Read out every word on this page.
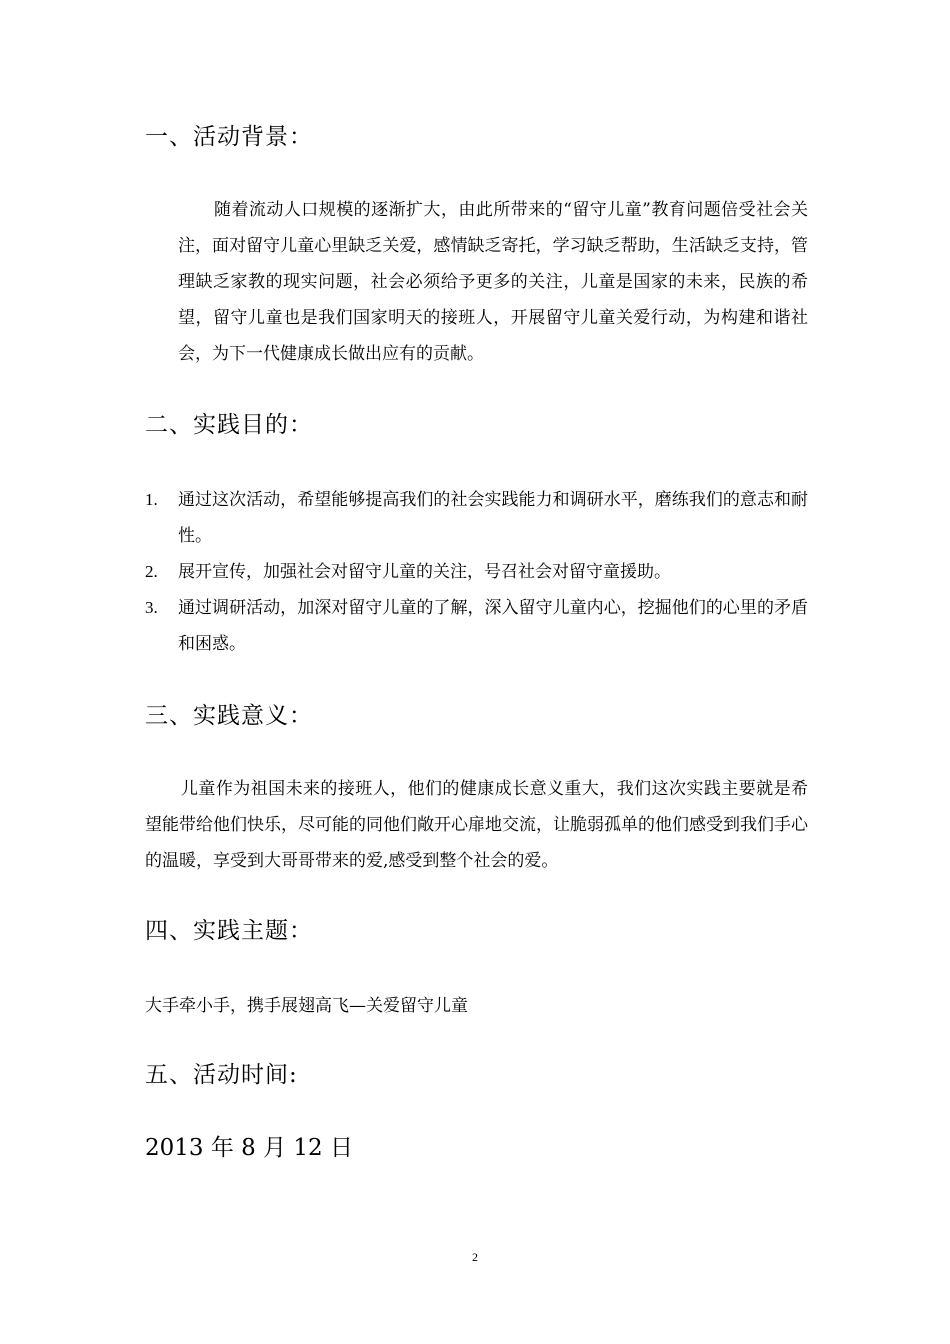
一、活动背景：

随着流动人口规模的逐渐扩大，由此所带来的“留守儿童”教育问题倍受社会关注，面对留守儿童心里缺乏关爱，感情缺乏寄托，学习缺乏帮助，生活缺乏支持，管理缺乏家教的现实问题，社会必须给予更多的关注，儿童是国家的未来，民族的希望，留守儿童也是我们国家明天的接班人，开展留守儿童关爱行动，为构建和谐社会，为下一代健康成长做出应有的贡献。

二、实践目的：
1.	通过这次活动，希望能够提高我们的社会实践能力和调研水平，磨练我们的意志和耐性。
2.	展开宣传，加强社会对留守儿童的关注，号召社会对留守童援助。
3.	通过调研活动，加深对留守儿童的了解，深入留守儿童内心，挖掘他们的心里的矛盾和困惑。
三、实践意义：

儿童作为祖国未来的接班人，他们的健康成长意义重大，我们这次实践主要就是希望能带给他们快乐，尽可能的同他们敞开心扉地交流，让脆弱孤单的他们感受到我们手心的温暖，享受到大哥哥带来的爱,感受到整个社会的爱。

四、实践主题：

大手牵小手，携手展翅高飞—关爱留守儿童

五、活动时间:

2013 年 8 月 12 日

2
